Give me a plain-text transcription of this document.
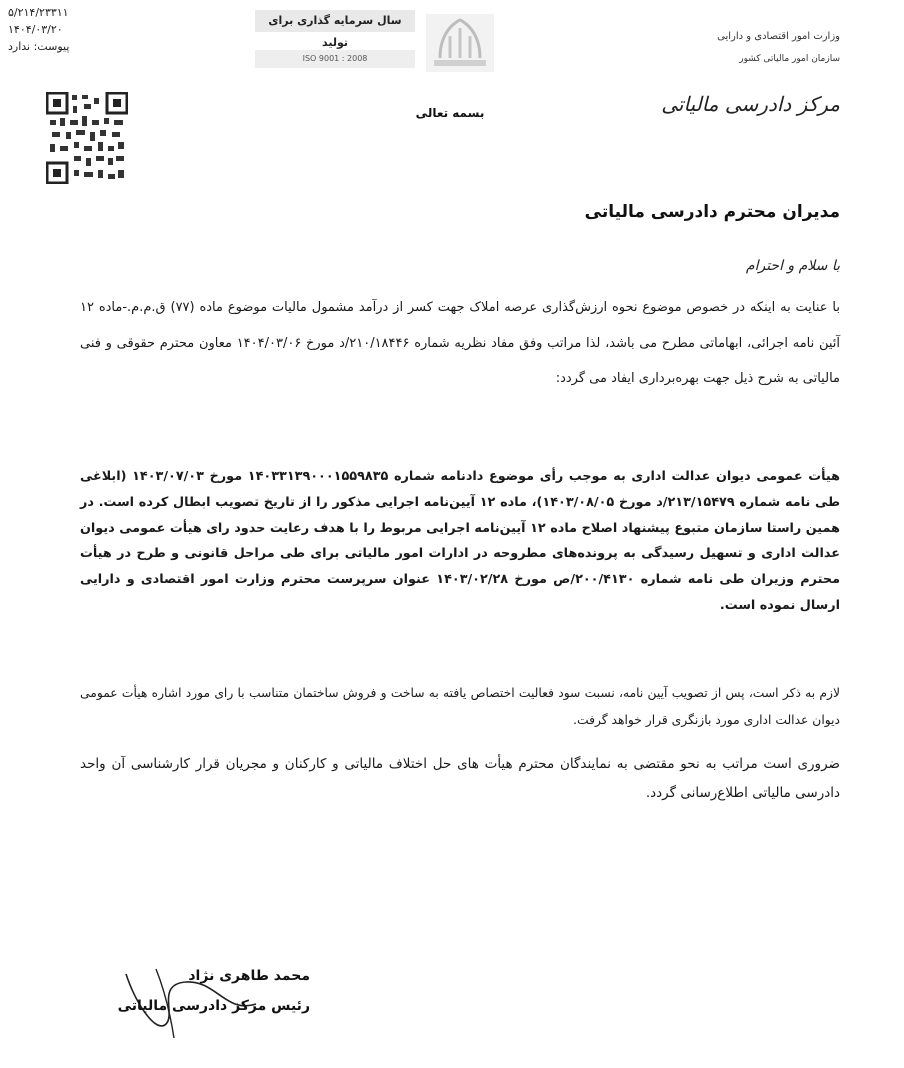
۵/۲۱۴/۲۳۳۱۱
۱۴۰۴/۰۳/۲۰
پیوست: ندارد
سال سرمایه گذاری برای تولید
ISO 9001 : 2008
وزارت امور اقتصادی و دارایی
سازمان امور مالیاتی کشور
مرکز دادرسی مالیاتی
بسمه تعالی
مدیران محترم دادرسی مالیاتی
با سلام و احترام
با عنایت به اینکه در خصوص موضوع نحوه ارزش‌گذاری عرصه املاک جهت کسر از درآمد مشمول مالیات موضوع ماده (۷۷) ق.م.م.-ماده ۱۲ آئین نامه اجرائی، ابهاماتی مطرح می باشد، لذا مراتب وفق مفاد نظریه شماره ۲۱۰/۱۸۴۴۶/د مورخ ۱۴۰۴/۰۳/۰۶ معاون محترم حقوقی و فنی مالیاتی به شرح ذیل جهت بهره‌برداری ایفاد می گردد:
هیأت عمومی دیوان عدالت اداری به موجب رأی موضوع دادنامه شماره ۱۴۰۳۳۱۳۹۰۰۰۱۵۵۹۸۳۵ مورخ ۱۴۰۳/۰۷/۰۳ (ابلاغی طی نامه شماره ۲۱۳/۱۵۴۷۹/د مورخ ۱۴۰۳/۰۸/۰۵)، ماده ۱۲ آیین‌نامه اجرایی مذکور را از تاریخ تصویب ابطال کرده است. در همین راستا سازمان متبوع پیشنهاد اصلاح ماده ۱۲ آیین‌نامه اجرایی مربوط را با هدف رعایت حدود رای هیأت عمومی دیوان عدالت اداری و تسهیل رسیدگی به پرونده‌های مطروحه در ادارات امور مالیاتی برای طی مراحل قانونی و طرح در هیأت محترم وزیران طی نامه شماره ۲۰۰/۴۱۳۰/ص مورخ ۱۴۰۳/۰۲/۲۸ عنوان سرپرست محترم وزارت امور اقتصادی و دارایی ارسال نموده است.
لازم به ذکر است، پس از تصویب آیین نامه، نسبت سود فعالیت اختصاص یافته به ساخت و فروش ساختمان متناسب با رای مورد اشاره هیأت عمومی دیوان عدالت اداری مورد بازنگری قرار خواهد گرفت.
ضروری است مراتب به نحو مقتضی به نمایندگان محترم هیأت های حل اختلاف مالیاتی و کارکنان و مجریان قرار کارشناسی آن واحد دادرسی مالیاتی اطلاع‌رسانی گردد.
محمد طاهری نژاد
رئیس مرکز دادرسی مالیاتی
